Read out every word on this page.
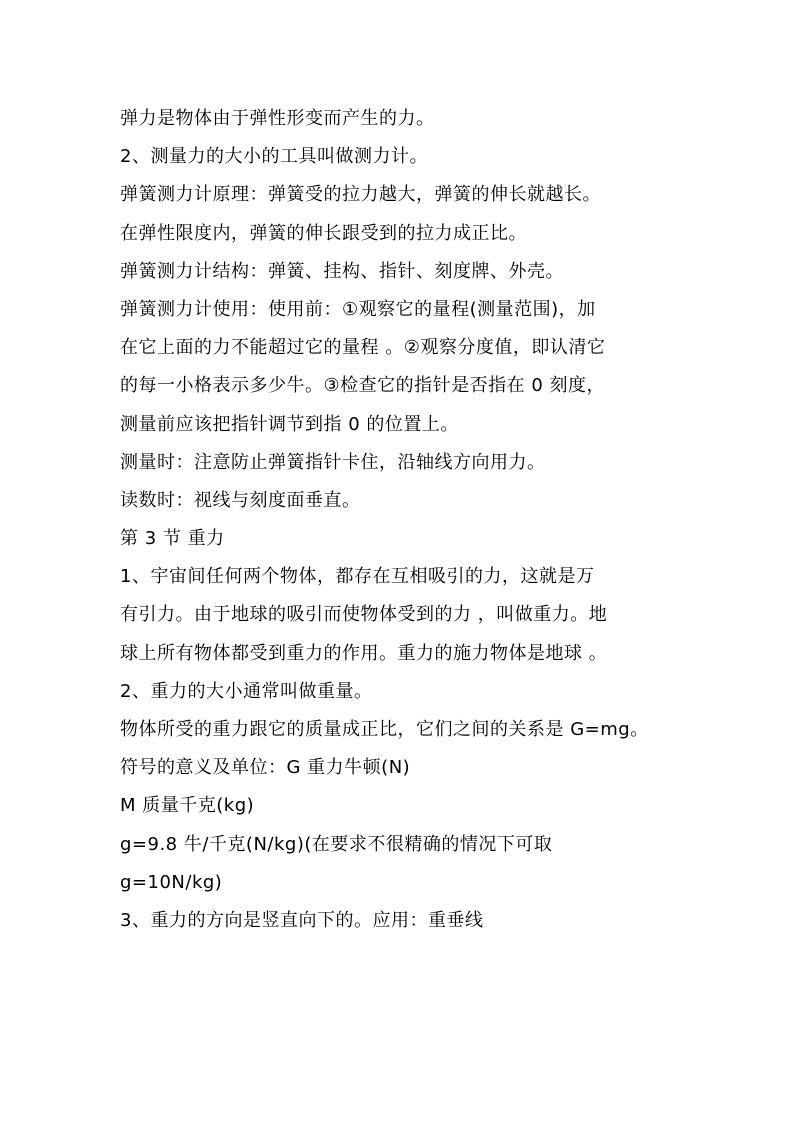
弹力是物体由于弹性形变而产生的力。
2、测量力的大小的工具叫做测力计。
弹簧测力计原理：弹簧受的拉力越大，弹簧的伸长就越长。
在弹性限度内，弹簧的伸长跟受到的拉力成正比。
弹簧测力计结构：弹簧、挂构、指针、刻度牌、外壳。
弹簧测力计使用：使用前：①观察它的量程(测量范围)，加
在它上面的力不能超过它的量程 。②观察分度值，即认清它
的每一小格表示多少牛。③检查它的指针是否指在 0 刻度，
测量前应该把指针调节到指 0 的位置上。
测量时：注意防止弹簧指针卡住，沿轴线方向用力。
读数时：视线与刻度面垂直。
第 3 节 重力
1、宇宙间任何两个物体，都存在互相吸引的力，这就是万
有引力。由于地球的吸引而使物体受到的力 ，叫做重力。地
球上所有物体都受到重力的作用。重力的施力物体是地球 。
2、重力的大小通常叫做重量。
物体所受的重力跟它的质量成正比，它们之间的关系是 G=mg。
符号的意义及单位：G 重力牛顿(N)
M 质量千克(kg)
g=9.8 牛/千克(N/kg)(在要求不很精确的情况下可取
g=10N/kg)
3、重力的方向是竖直向下的。应用：重垂线
